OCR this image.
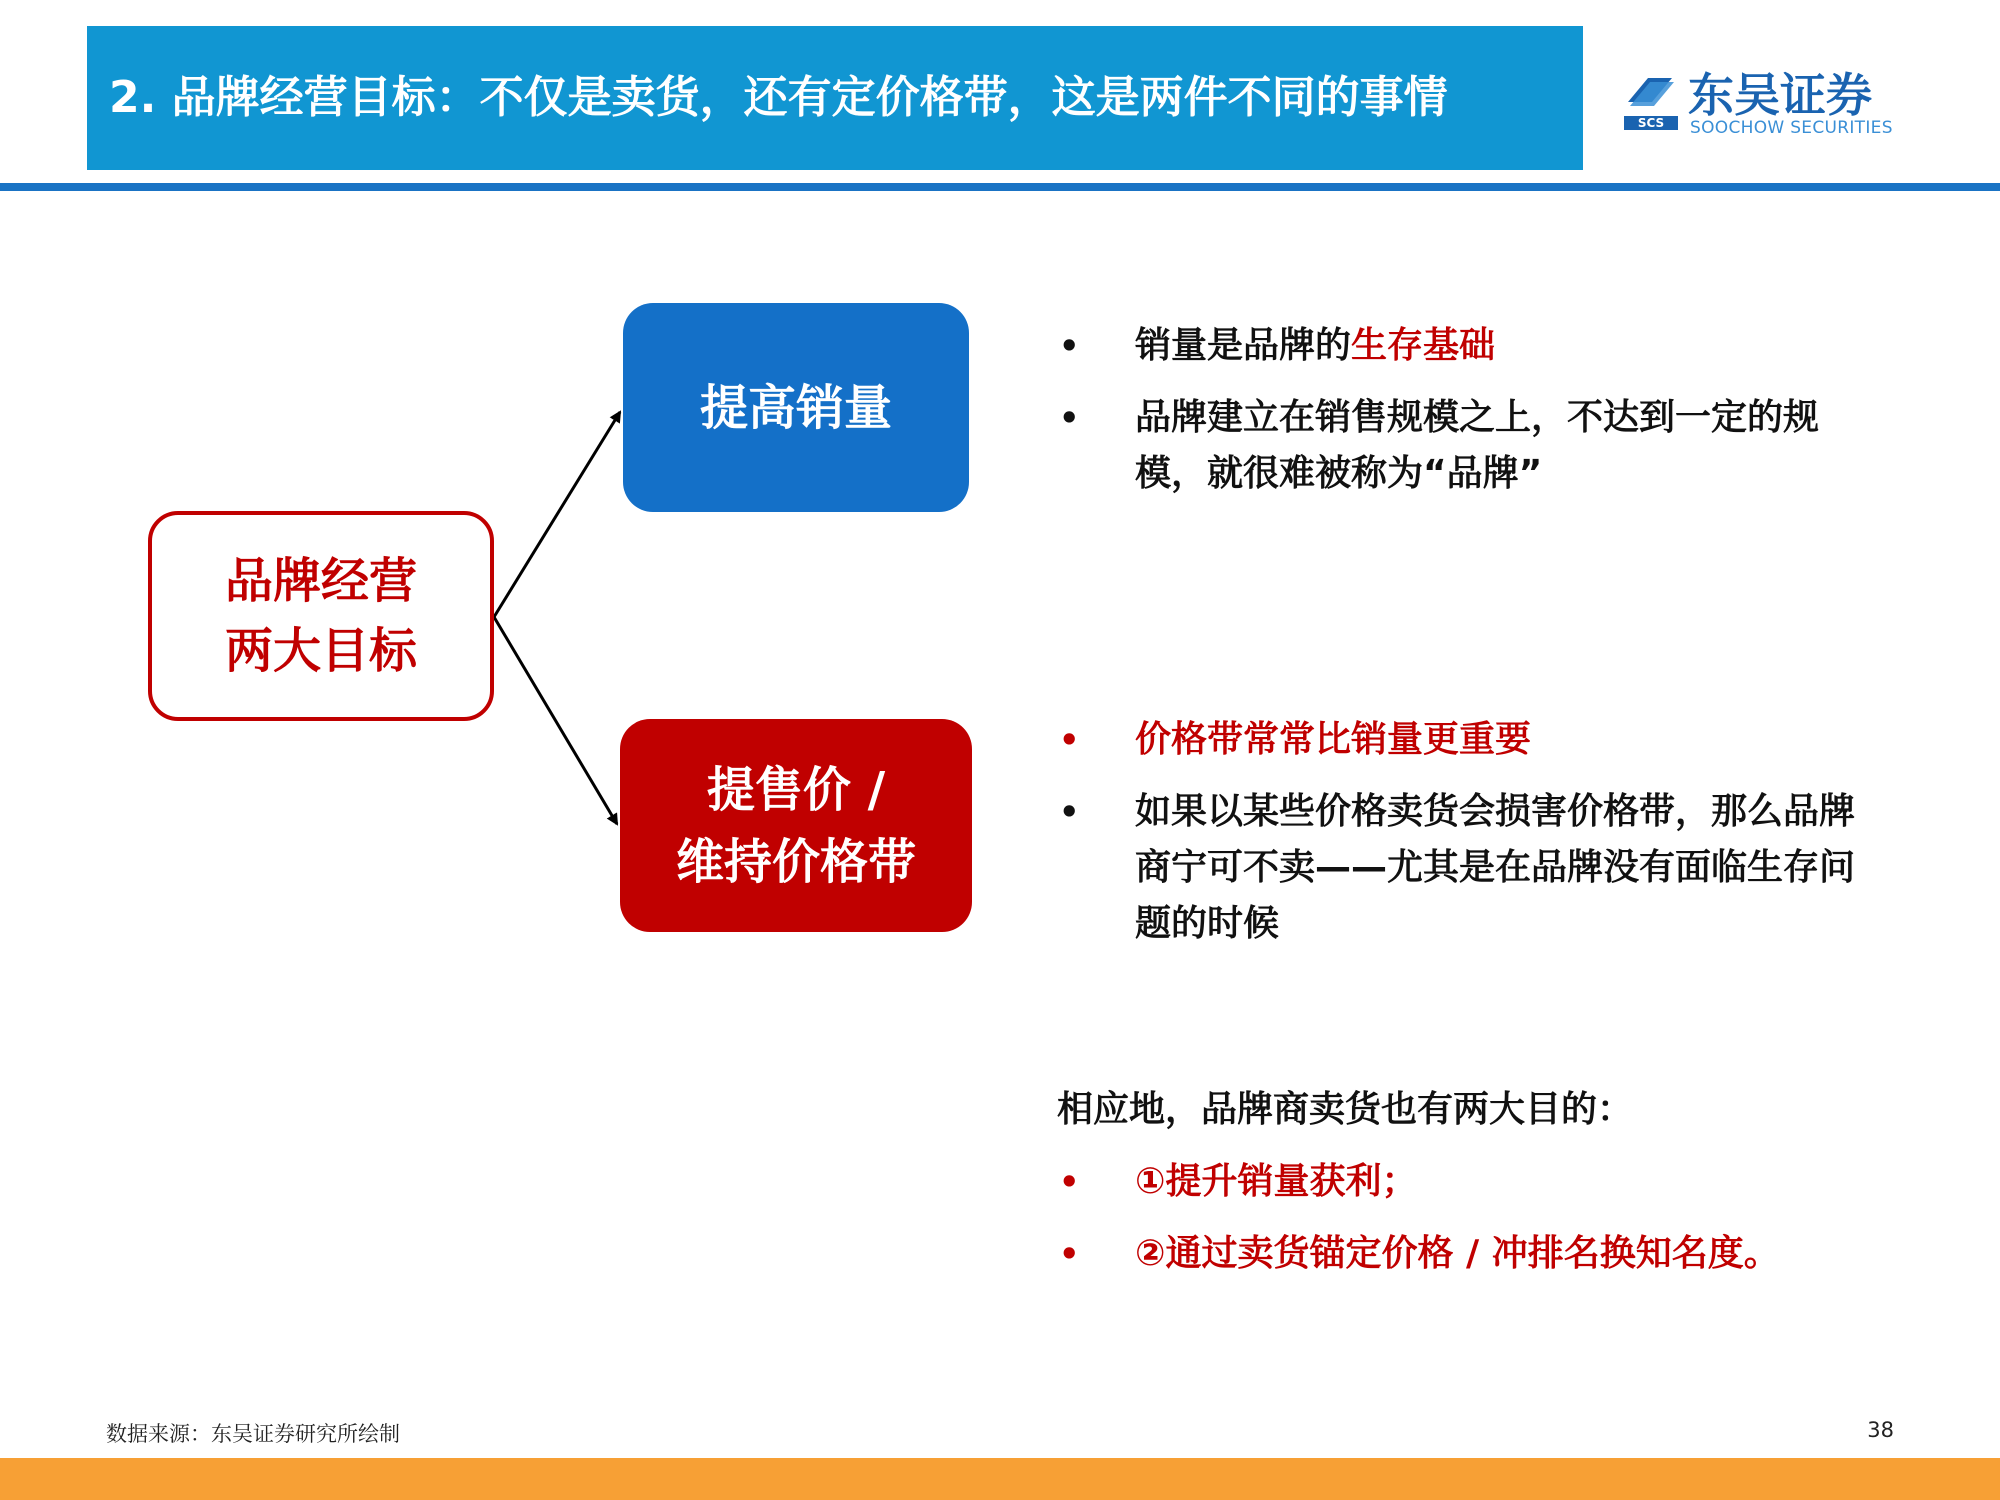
2. 品牌经营目标：不仅是卖货，还有定价格带，这是两件不同的事情	SCS
东吴证券
SOOCHOW SECURITIES
品牌经营
两大目标
提高销量
提售价 /
维持价格带
• 销量是品牌的生存基础
• 品牌建立在销售规模之上，不达到一定的规模，就很难被称为“品牌”
• 价格带常常比销量更重要
• 如果以某些价格卖货会损害价格带，那么品牌商宁可不卖——尤其是在品牌没有面临生存问题的时候
相应地，品牌商卖货也有两大目的：
• ①提升销量获利；
• ②通过卖货锚定价格 / 冲排名换知名度。
数据来源：东吴证券研究所绘制	38
